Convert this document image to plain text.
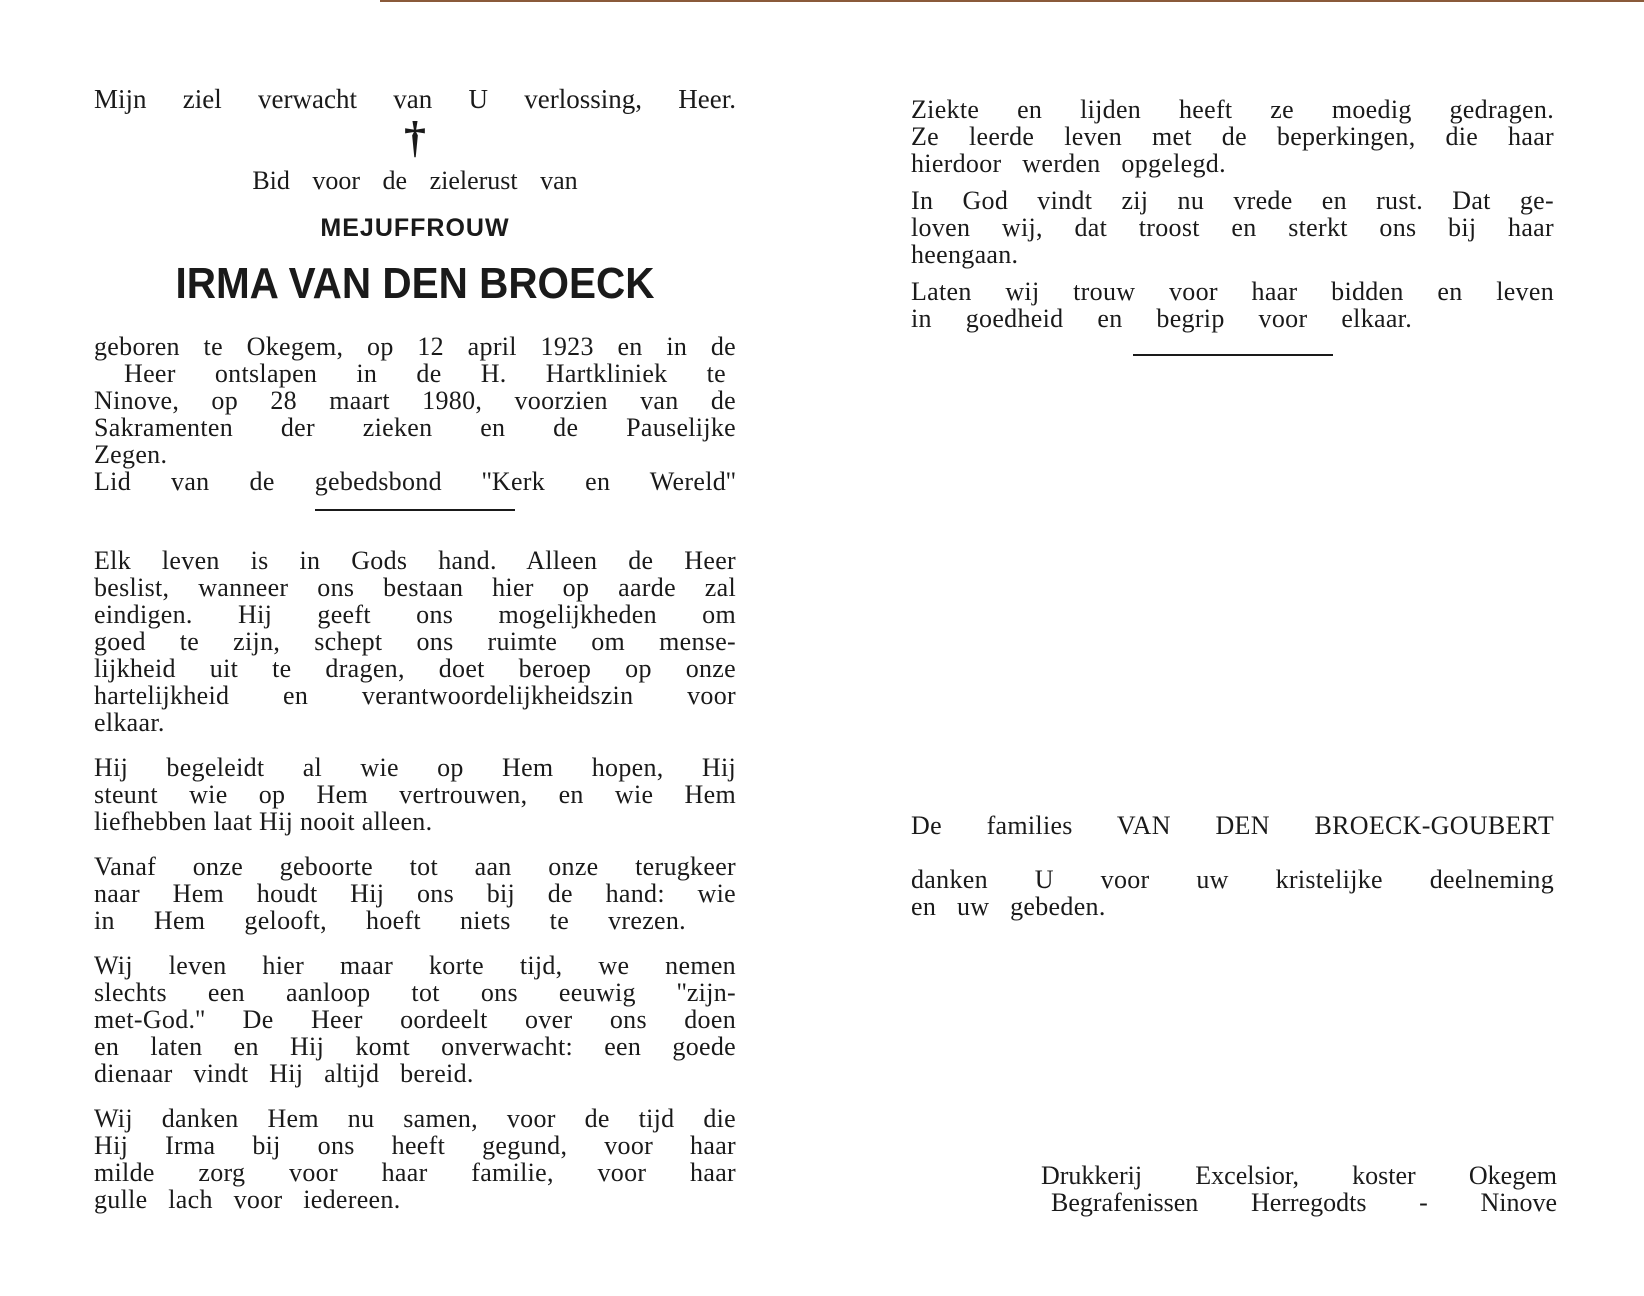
Mijn ziel verwacht van U verlossing, Heer.

†

Bid voor de zielerust van

MEJUFFROUW

IRMA VAN DEN BROECK

geboren te Okegem, op 12 april 1923 en in de
Heer ontslapen in de H. Hartkliniek te
Ninove, op 28 maart 1980, voorzien van de
Sakramenten der zieken en de Pauselijke
Zegen.
Lid van de gebedsbond ''Kerk en Wereld''
Elk leven is in Gods hand. Alleen de Heer
beslist, wanneer ons bestaan hier op aarde zal
eindigen. Hij geeft ons mogelijkheden om
goed te zijn, schept ons ruimte om mense-
lijkheid uit te dragen, doet beroep op onze
hartelijkheid en verantwoordelijkheidszin voor
elkaar.
Hij begeleidt al wie op Hem hopen, Hij
steunt wie op Hem vertrouwen, en wie Hem
liefhebben laat Hij nooit alleen.
Vanaf onze geboorte tot aan onze terugkeer
naar Hem houdt Hij ons bij de hand: wie
in Hem gelooft, hoeft niets te vrezen.
Wij leven hier maar korte tijd, we nemen
slechts een aanloop tot ons eeuwig ''zijn-
met-God.'' De Heer oordeelt over ons doen
en laten en Hij komt onverwacht: een goede
dienaar vindt Hij altijd bereid.
Wij danken Hem nu samen, voor de tijd die
Hij Irma bij ons heeft gegund, voor haar
milde zorg voor haar familie, voor haar
gulle lach voor iedereen.
Ziekte en lijden heeft ze moedig gedragen.
Ze leerde leven met de beperkingen, die haar
hierdoor werden opgelegd.
In God vindt zij nu vrede en rust. Dat ge-
loven wij, dat troost en sterkt ons bij haar
heengaan.
Laten wij trouw voor haar bidden en leven
in goedheid en begrip voor elkaar.
De families VAN DEN BROECK-GOUBERT
danken U voor uw kristelijke deelneming
en uw gebeden.
Drukkerij Excelsior, koster Okegem
Begrafenissen Herregodts - Ninove
